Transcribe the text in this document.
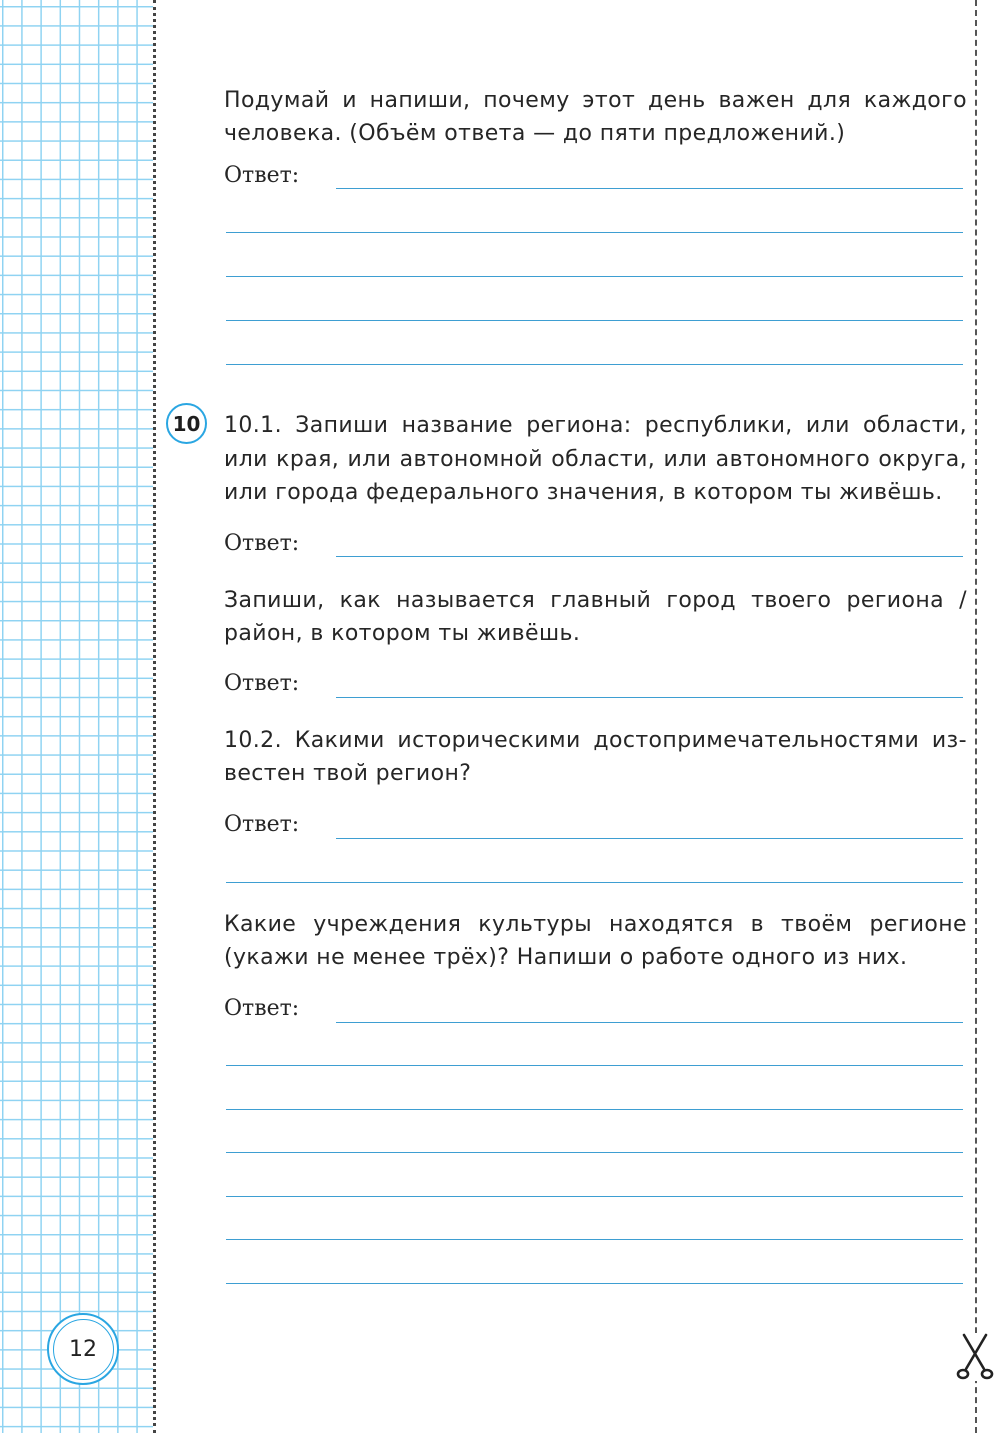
Подумай и напиши, почему этот день важен для каждого

человека. (Объём ответа — до пяти предложений.)

Ответ:
10 10.1. Запиши название региона: республики, или области,

или края, или автономной области, или автономного округа,

или города федерального значения, в котором ты живёшь.

Ответ:

Запиши, как называется главный город твоего региона /

район, в котором ты живёшь.

Ответ:

10.2. Какими историческими достопримечательностями из-

вестен твой регион?

Ответ:

Какие учреждения культуры находятся в твоём регионе

(укажи не менее трёх)? Напиши о работе одного из них.

Ответ:
12
